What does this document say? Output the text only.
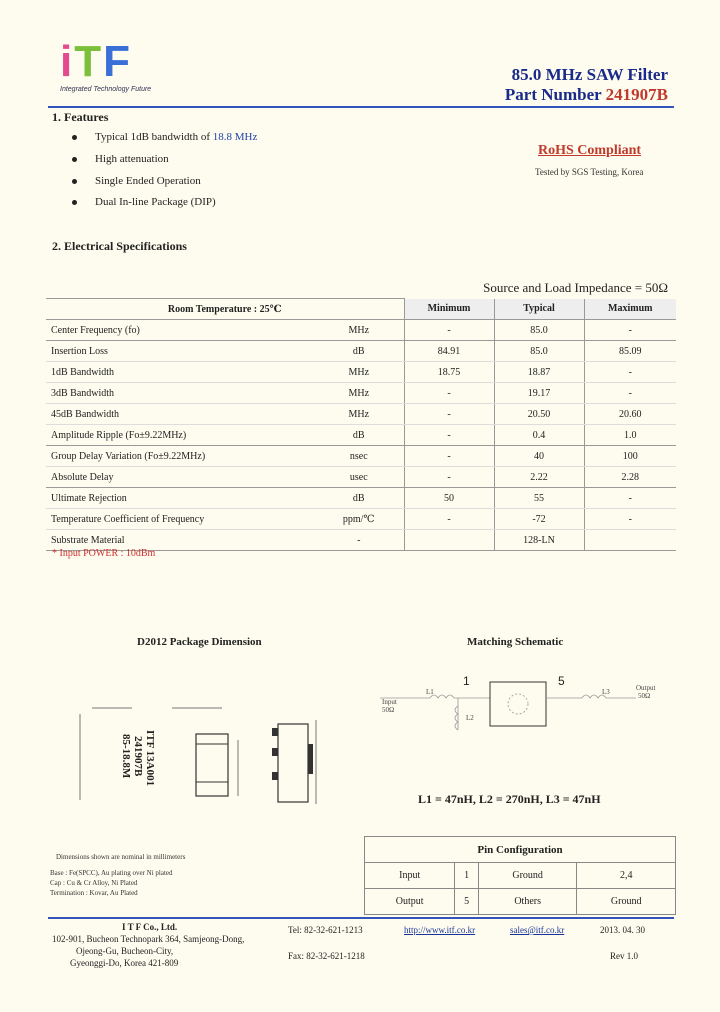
iTF
Integrated Technology Future
85.0 MHz SAW Filter
Part Number 241907B
1. Features
Typical 1dB bandwidth of 18.8 MHz
High attenuation
Single Ended Operation
Dual In-line Package (DIP)
RoHS Compliant
Tested by SGS Testing, Korea
2. Electrical Specifications
Source and Load Impedance = 50Ω
Room Temperature : 25℃		Minimum	Typical	Maximum
Center Frequency (fo)	MHz	-	85.0	-
Insertion Loss	dB	84.91	85.0	85.09
1dB Bandwidth	MHz	18.75	18.87	-
3dB Bandwidth	MHz	-	19.17	-
45dB Bandwidth	MHz	-	20.50	20.60
Amplitude Ripple (Fo±9.22MHz)	dB	-	0.4	1.0
Group Delay Variation (Fo±9.22MHz)	nsec	-	40	100
Absolute Delay	usec	-	2.22	2.28
Ultimate Rejection	dB	50	55	-
Temperature Coefficient of Frequency	ppm/℃	-	-72	-
Substrate Material	-		128-LN	
* Input POWER : 10dBm
D2012 Package Dimension
ITF 13A001
241907B
85-18.8M
Dimensions shown are nominal in millimeters
Base : Fe(SPCC), Au plating over Ni plated
Cap : Cu & Cr Alloy, Ni Plated
Termination : Kovar, Au Plated
Matching Schematic
1	5
Input
50Ω
Output
50Ω
L1
L2
L3
L1 = 47nH, L2 = 270nH, L3 = 47nH
Pin Configuration			
Input	1	Ground	2,4
Output	5	Others	Ground
I T F Co., Ltd.
102-901, Bucheon Technopark 364, Samjeong-Dong,
Ojeong-Gu, Bucheon-City,
Gyeonggi-Do, Korea 421-809
Tel: 82-32-621-1213
Fax: 82-32-621-1218
http://www.itf.co.kr	sales@itf.co.kr	2013. 04. 30
Rev 1.0
